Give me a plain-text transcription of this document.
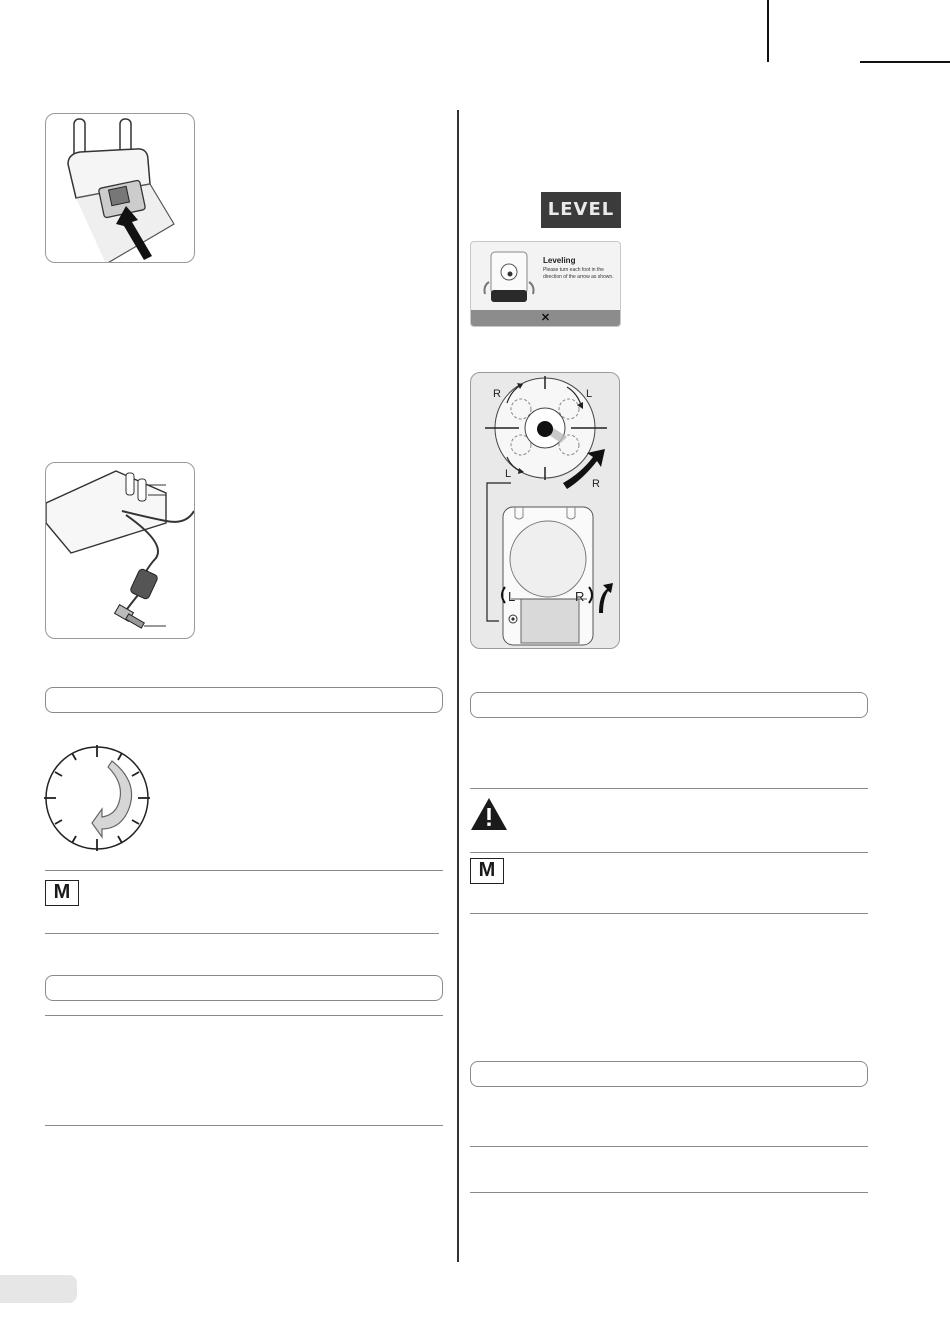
M
LEVEL
Leveling
Please turn each foot in the direction of the arrow as shown.
✕
R	L
L
R
L	R
M
